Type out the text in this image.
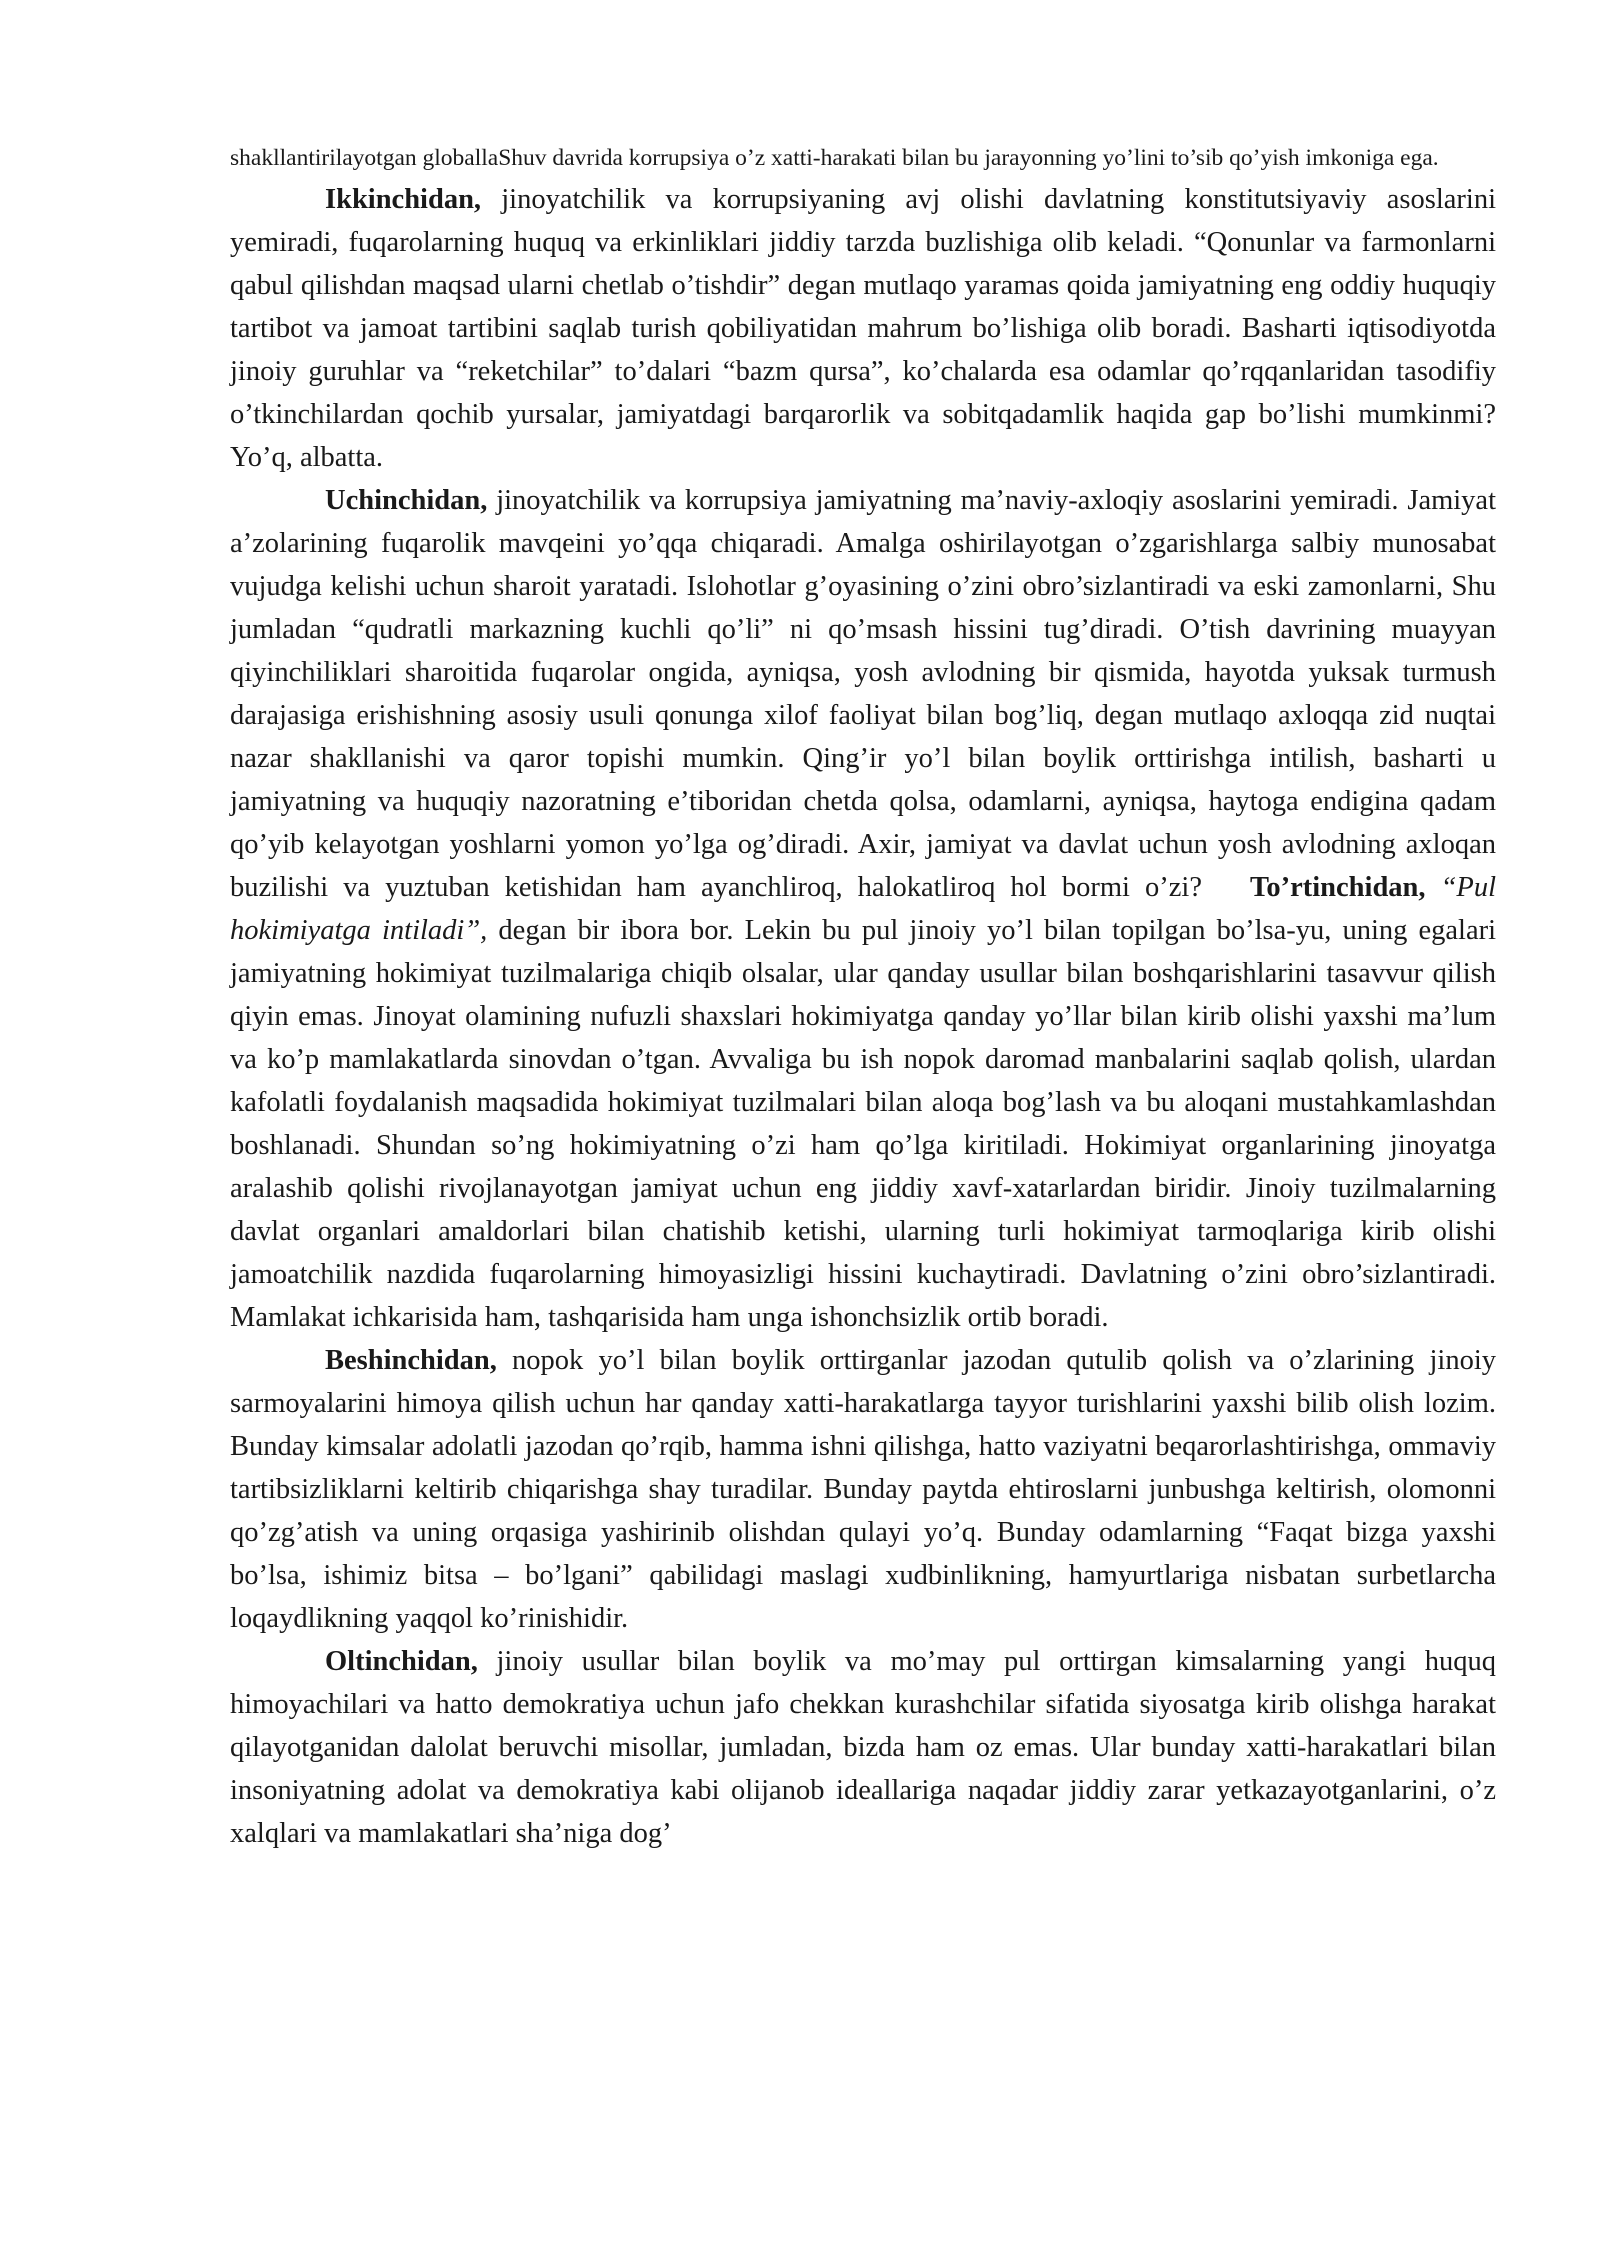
shakllantirilayotgan globallaShuv davrida korrupsiya o’z xatti-harakati bilan bu jarayonning yo’lini to’sib qo’yish imkoniga ega.

Ikkinchidan, jinoyatchilik va korrupsiyaning avj olishi davlatning konstitutsiyaviy asoslarini yemiradi, fuqarolarning huquq va erkinliklari jiddiy tarzda buzlishiga olib keladi. “Qonunlar va farmonlarni qabul qilishdan maqsad ularni chetlab o’tishdir” degan mutlaqo yaramas qoida jamiyatning eng oddiy huquqiy tartibot va jamoat tartibini saqlab turish qobiliyatidan mahrum bo’lishiga olib boradi. Basharti iqtisodiyotda jinoiy guruhlar va “reketchilar” to’dalari “bazm qursa”, ko’chalarda esa odamlar qo’rqqanlaridan tasodifiy o’tkinchilardan qochib yursalar, jamiyatdagi barqarorlik va sobitqadamlik haqida gap bo’lishi mumkinmi? Yo’q, albatta.

Uchinchidan, jinoyatchilik va korrupsiya jamiyatning ma’naviy-axloqiy asoslarini yemiradi. Jamiyat a’zolarining fuqarolik mavqeini yo’qqa chiqaradi. Amalga oshirilayotgan o’zgarishlarga salbiy munosabat vujudga kelishi uchun sharoit yaratadi. Islohotlar g’oyasining o’zini obro’sizlantiradi va eski zamonlarni, Shu jumladan “qudratli markazning kuchli qo’li” ni qo’msash hissini tug’diradi. O’tish davrining muayyan qiyinchiliklari sharoitida fuqarolar ongida, ayniqsa, yosh avlodning bir qismida, hayotda yuksak turmush darajasiga erishishning asosiy usuli qonunga xilof faoliyat bilan bog’liq, degan mutlaqo axloqqa zid nuqtai nazar shakllanishi va qaror topishi mumkin. Qing’ir yo’l bilan boylik orttirishga intilish, basharti u jamiyatning va huquqiy nazoratning e’tiboridan chetda qolsa, odamlarni, ayniqsa, haytoga endigina qadam qo’yib kelayotgan yoshlarni yomon yo’lga og’diradi. Axir, jamiyat va davlat uchun yosh avlodning axloqan buzilishi va yuztuban ketishidan ham ayanchliroq, halokatliroq hol bormi o’zi? To’rtinchidan, “Pul hokimiyatga intiladi”, degan bir ibora bor. Lekin bu pul jinoiy yo’l bilan topilgan bo’lsa-yu, uning egalari jamiyatning hokimiyat tuzilmalariga chiqib olsalar, ular qanday usullar bilan boshqarishlarini tasavvur qilish qiyin emas. Jinoyat olamining nufuzli shaxslari hokimiyatga qanday yo’llar bilan kirib olishi yaxshi ma’lum va ko’p mamlakatlarda sinovdan o’tgan. Avvaliga bu ish nopok daromad manbalarini saqlab qolish, ulardan kafolatli foydalanish maqsadida hokimiyat tuzilmalari bilan aloqa bog’lash va bu aloqani mustahkamlashdan boshlanadi. Shundan so’ng hokimiyatning o’zi ham qo’lga kiritiladi. Hokimiyat organlarining jinoyatga aralashib qolishi rivojlanayotgan jamiyat uchun eng jiddiy xavf-xatarlardan biridir. Jinoiy tuzilmalarning davlat organlari amaldorlari bilan chatishib ketishi, ularning turli hokimiyat tarmoqlariga kirib olishi jamoatchilik nazdida fuqarolarning himoyasizligi hissini kuchaytiradi. Davlatning o’zini obro’sizlantiradi. Mamlakat ichkarisida ham, tashqarisida ham unga ishonchsizlik ortib boradi.

Beshinchidan, nopok yo’l bilan boylik orttirganlar jazodan qutulib qolish va o’zlarining jinoiy sarmoyalarini himoya qilish uchun har qanday xatti-harakatlarga tayyor turishlarini yaxshi bilib olish lozim. Bunday kimsalar adolatli jazodan qo’rqib, hamma ishni qilishga, hatto vaziyatni beqarorlashtirishga, ommaviy tartibsizliklarni keltirib chiqarishga shay turadilar. Bunday paytda ehtiroslarni junbushga keltirish, olomonni qo’zg’atish va uning orqasiga yashirinib olishdan qulayi yo’q. Bunday odamlarning “Faqat bizga yaxshi bo’lsa, ishimiz bitsa – bo’lgani” qabilidagi maslagi xudbinlikning, hamyurtlariga nisbatan surbetlarcha loqaydlikning yaqqol ko’rinishidir.

Oltinchidan, jinoiy usullar bilan boylik va mo’may pul orttirgan kimsalarning yangi huquq himoyachilari va hatto demokratiya uchun jafo chekkan kurashchilar sifatida siyosatga kirib olishga harakat qilayotganidan dalolat beruvchi misollar, jumladan, bizda ham oz emas. Ular bunday xatti-harakatlari bilan insoniyatning adolat va demokratiya kabi olijanob ideallariga naqadar jiddiy zarar yetkazayotganlarini, o’z xalqlari va mamlakatlari sha’niga dog’
